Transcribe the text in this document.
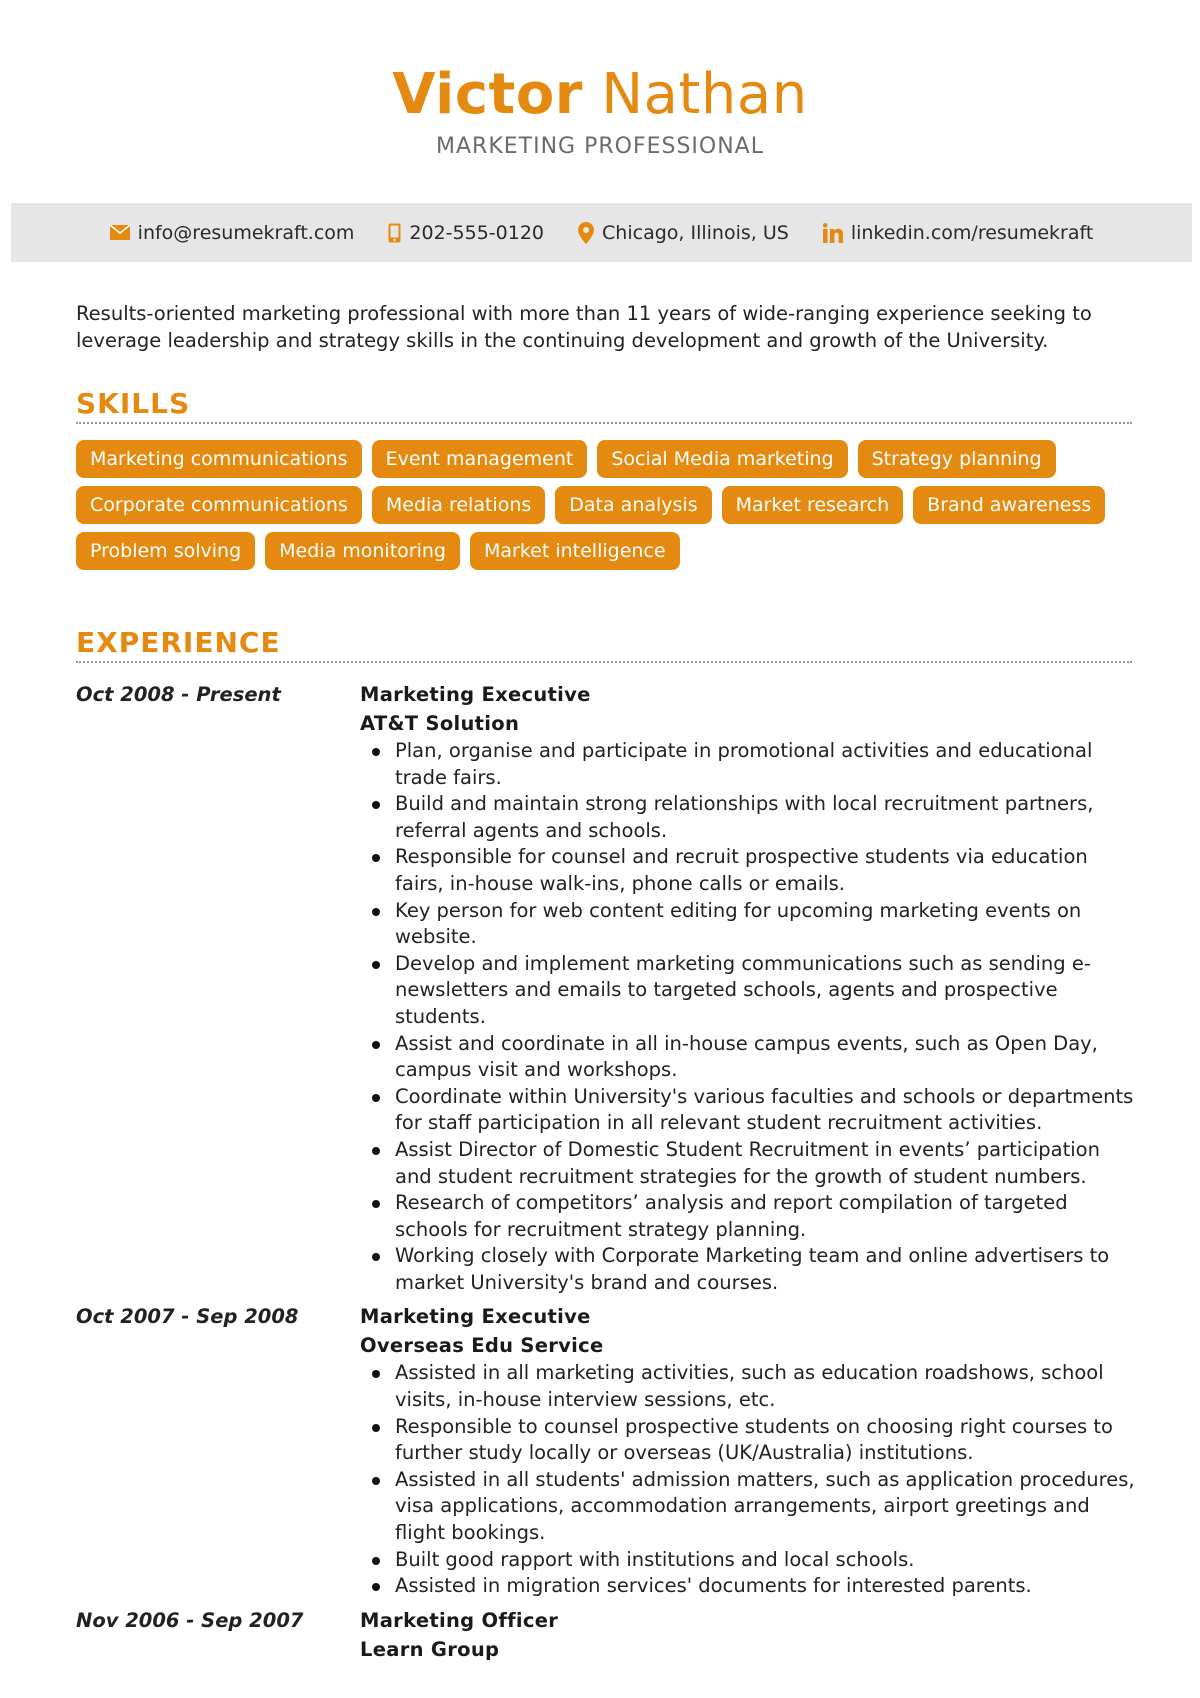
Victor Nathan
MARKETING PROFESSIONAL
info@resumekraft.com	202-555-0120	Chicago, Illinois, US	linkedin.com/resumekraft
Results-oriented marketing professional with more than 11 years of wide-ranging experience seeking to leverage leadership and strategy skills in the continuing development and growth of the University.
SKILLS
Marketing communications	Event management	Social Media marketing	Strategy planning
Corporate communications	Media relations	Data analysis	Market research	Brand awareness
Problem solving	Media monitoring	Market intelligence
EXPERIENCE
Oct 2008 - Present	Marketing Executive
AT&T Solution
Plan, organise and participate in promotional activities and educational trade fairs.
Build and maintain strong relationships with local recruitment partners, referral agents and schools.
Responsible for counsel and recruit prospective students via education fairs, in-house walk-ins, phone calls or emails.
Key person for web content editing for upcoming marketing events on website.
Develop and implement marketing communications such as sending e-newsletters and emails to targeted schools, agents and prospective students.
Assist and coordinate in all in-house campus events, such as Open Day, campus visit and workshops.
Coordinate within University's various faculties and schools or departments for staff participation in all relevant student recruitment activities.
Assist Director of Domestic Student Recruitment in events’ participation and student recruitment strategies for the growth of student numbers.
Research of competitors’ analysis and report compilation of targeted schools for recruitment strategy planning.
Working closely with Corporate Marketing team and online advertisers to market University's brand and courses.
Oct 2007 - Sep 2008	Marketing Executive
Overseas Edu Service
Assisted in all marketing activities, such as education roadshows, school visits, in-house interview sessions, etc.
Responsible to counsel prospective students on choosing right courses to further study locally or overseas (UK/Australia) institutions.
Assisted in all students' admission matters, such as application procedures, visa applications, accommodation arrangements, airport greetings and flight bookings.
Built good rapport with institutions and local schools.
Assisted in migration services' documents for interested parents.
Nov 2006 - Sep 2007	Marketing Officer
Learn Group
